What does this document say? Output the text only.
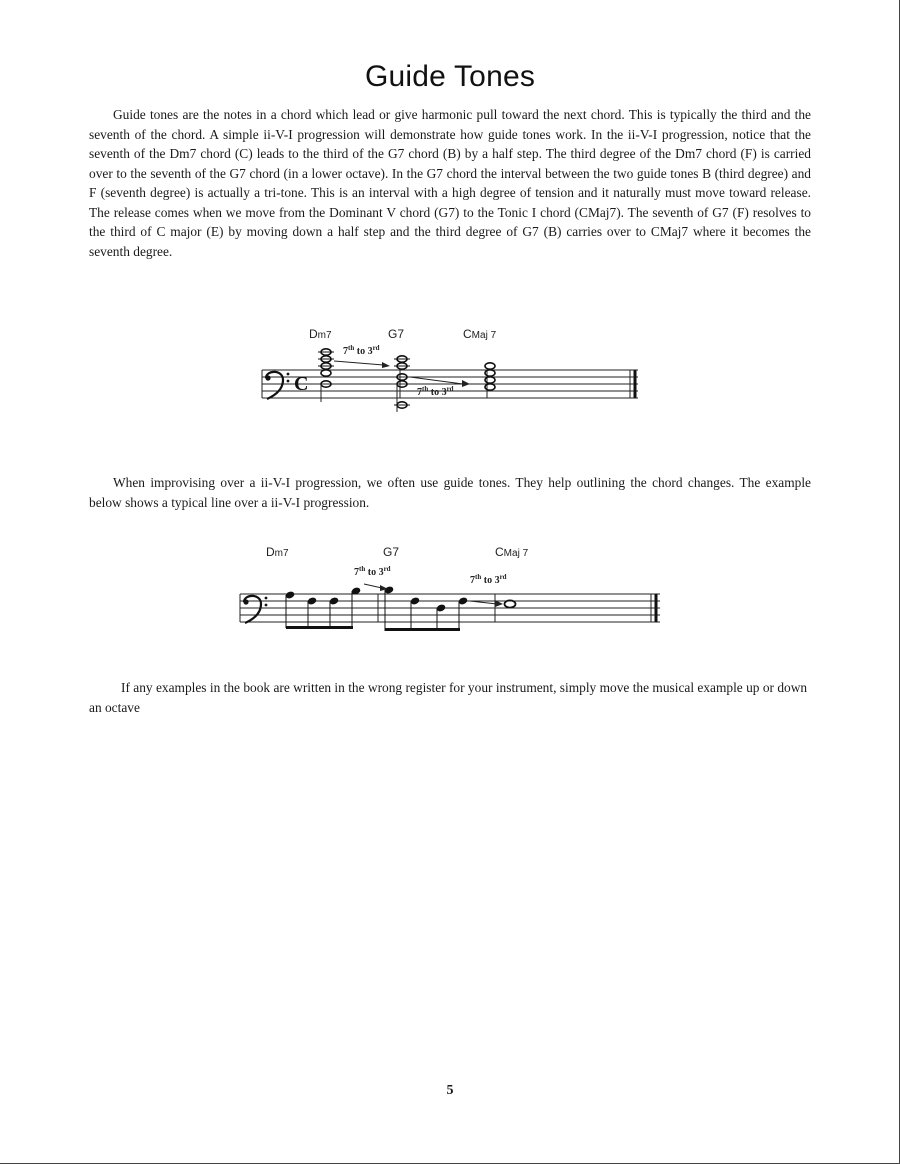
Guide Tones

Guide tones are the notes in a chord which lead or give harmonic pull toward the next chord. This is typically the third and the seventh of the chord. A simple ii-V-I progression will demonstrate how guide tones work. In the ii-V-I progression, notice that the seventh of the Dm7 chord (C) leads to the third of the G7 chord (B) by a half step. The third degree of the Dm7 chord (F) is carried over to the seventh of the G7 chord (in a lower octave). In the G7 chord the interval between the two guide tones B (third degree) and F (seventh degree) is actually a tri-tone. This is an interval with a high degree of tension and it naturally must move toward release. The release comes when we move from the Dominant V chord (G7) to the Tonic I chord (CMaj7). The seventh of G7 (F) resolves to the third of C major (E) by moving down a half step and the third degree of G7 (B) carries over to CMaj7 where it becomes the seventh degree.

Dm7	G7	CMaj 7
C
7th to 3rd
7th to 3rd

When improvising over a ii-V-I progression, we often use guide tones. They help outlining the chord changes. The example below shows a typical line over a ii-V-I progression.

Dm7	G7	CMaj 7
7th to 3rd
7th to 3rd

If any examples in the book are written in the wrong register for your instrument, simply move the musical example up or down an octave

5
